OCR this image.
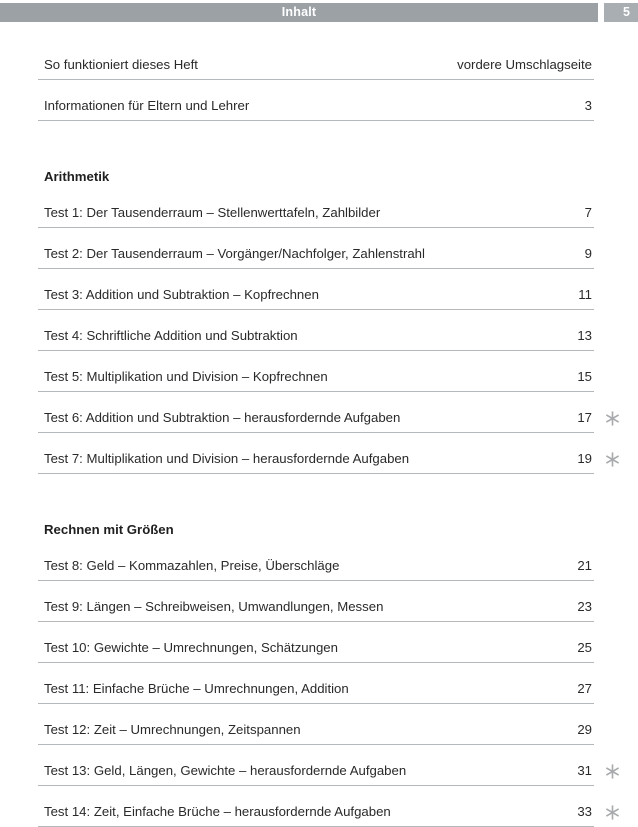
Inhalt	5
So funktioniert dieses Heft	vordere Umschlagseite
Informationen für Eltern und Lehrer	3
Arithmetik
Test 1: Der Tausenderraum – Stellenwerttafeln, Zahlbilder	7
Test 2: Der Tausenderraum – Vorgänger/Nachfolger, Zahlenstrahl	9
Test 3: Addition und Subtraktion – Kopfrechnen	11
Test 4: Schriftliche Addition und Subtraktion	13
Test 5: Multiplikation und Division – Kopfrechnen	15
Test 6: Addition und Subtraktion – herausfordernde Aufgaben	17
Test 7: Multiplikation und Division – herausfordernde Aufgaben	19
Rechnen mit Größen
Test 8: Geld – Kommazahlen, Preise, Überschläge	21
Test 9: Längen – Schreibweisen, Umwandlungen, Messen	23
Test 10: Gewichte – Umrechnungen, Schätzungen	25
Test 11: Einfache Brüche – Umrechnungen, Addition	27
Test 12: Zeit – Umrechnungen, Zeitspannen	29
Test 13: Geld, Längen, Gewichte – herausfordernde Aufgaben	31
Test 14: Zeit, Einfache Brüche – herausfordernde Aufgaben	33
